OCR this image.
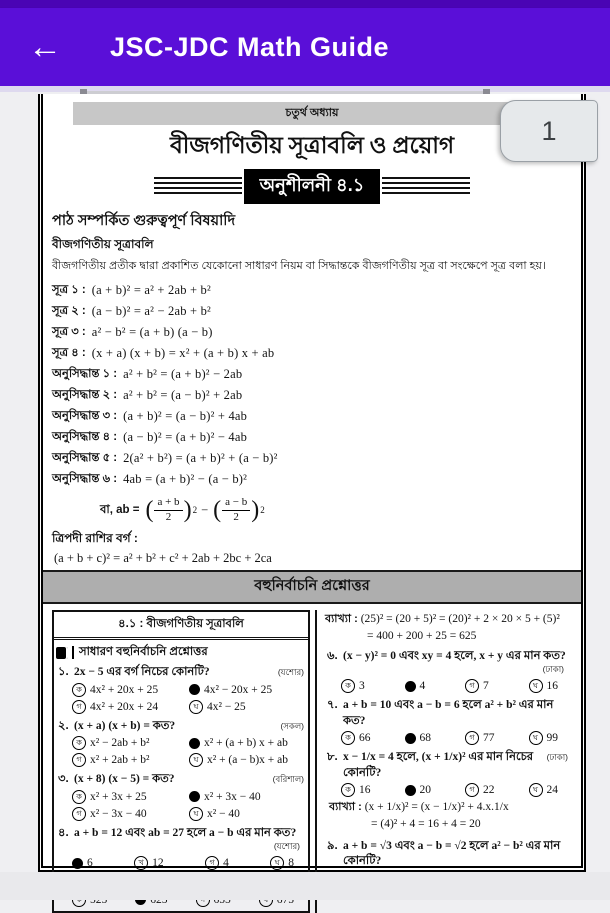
← JSC-JDC Math Guide
1
চতুর্থ অধ্যায়
বীজগণিতীয় সূত্রাবলি ও প্রয়োগ
অনুশীলনী ৪.১
পাঠ সম্পর্কিত গুরুত্বপূর্ণ বিষয়াদি
বীজগণিতীয় সূত্রাবলি
বীজগণিতীয় প্রতীক দ্বারা প্রকাশিত যেকোনো সাধারণ নিয়ম বা সিদ্ধান্তকে বীজগণিতীয় সূত্র বা সংক্ষেপে সূত্র বলা হয়।
সূত্র ১ : (a + b)² = a² + 2ab + b²
সূত্র ২ : (a − b)² = a² − 2ab + b²
সূত্র ৩ : a² − b² = (a + b) (a − b)
সূত্র ৪ : (x + a) (x + b) = x² + (a + b) x + ab
অনুসিদ্ধান্ত ১ : a² + b² = (a + b)² − 2ab
অনুসিদ্ধান্ত ২ : a² + b² = (a − b)² + 2ab
অনুসিদ্ধান্ত ৩ : (a + b)² = (a − b)² + 4ab
অনুসিদ্ধান্ত ৪ : (a − b)² = (a + b)² − 4ab
অনুসিদ্ধান্ত ৫ : 2(a² + b²) = (a + b)² + (a − b)²
অনুসিদ্ধান্ত ৬ : 4ab = (a + b)² − (a − b)²
বা, ab = ( $\frac{a + b}{2}$ ) 2 − ( $\frac{a - b}{2}$ ) 2
ত্রিপদী রাশির বর্গ :
(a + b + c)² = a² + b² + c² + 2ab + 2bc + 2ca
বহুনির্বাচনি প্রশ্নোত্তর
৪.১ : বীজগণিতীয় সূত্রাবলি
সাধারণ বহুনির্বাচনি প্রশ্নোত্তর
১. 2x − 5 এর বর্গ নিচের কোনটি?	(যশোর)
ক 4x² + 20x + 25	4x² − 20x + 25
গ 4x² + 20x + 24	ঘ 4x² − 25
২. (x + a) (x + b) = কত?	(সকল)
ক x² − 2ab + b²	x² + (a + b) x + ab
গ x² + 2ab + b²	ঘ x² + (a − b)x + ab
৩. (x + 8) (x − 5) = কত?	(বরিশাল)
ক x² + 3x + 25	x² + 3x − 40
গ x² − 3x − 40	ঘ x² − 40
৪. a + b = 12 এবং ab = 27 হলে a − b এর মান কত?
(যশোর)
6	খ 12	গ 4	ঘ 8
ব্যাখ্যা : (25)² = (20 + 5)² = (20)² + 2 × 20 × 5 + (5)²
= 400 + 200 + 25 = 625
৬. (x − y)² = 0 এবং xy = 4 হলে, x + y এর মান কত?
(ঢাকা)
ক 3	4	গ 7	ঘ 16
৭. a + b = 10 এবং a − b = 6 হলে a² + b² এর মান কত?
ক 66	68	গ 77	ঘ 99
৮. x − 1/x = 4 হলে, (x + 1/x)² এর মান নিচের কোনটি?
(ঢাকা)
ক 16	20	গ 22	ঘ 24
ব্যাখ্যা : (x + 1/x)² = (x − 1/x)² + 4.x.1/x
= (4)² + 4 = 16 + 4 = 20
৯. a + b = √3 এবং a − b = √2 হলে a² − b² এর মান কোনটি?
